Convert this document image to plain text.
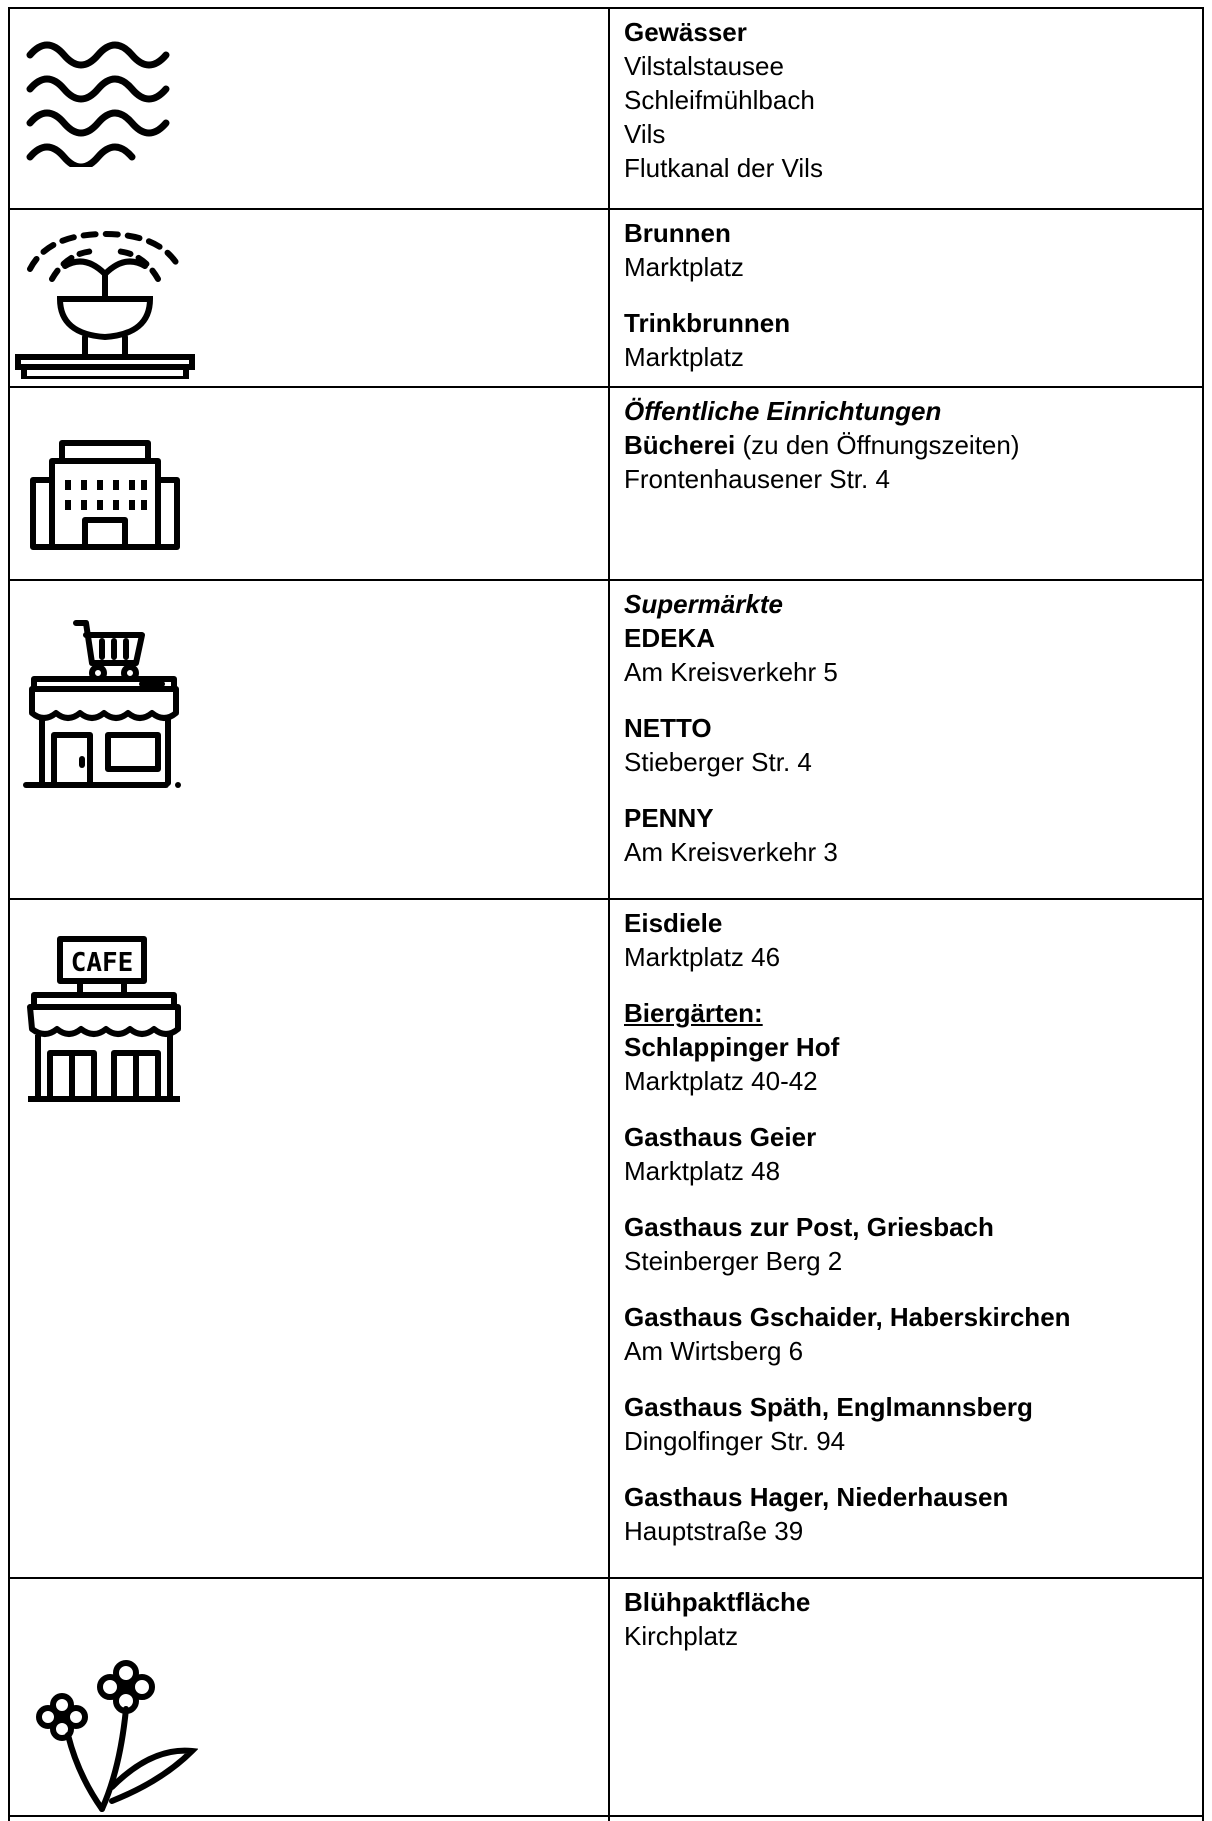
Gewässer
Vilstalstausee
Schleifmühlbach
Vils
Flutkanal der Vils
Brunnen
Marktplatz
Trinkbrunnen
Marktplatz
Öffentliche Einrichtungen
Bücherei (zu den Öffnungszeiten)
Frontenhausener Str. 4
Supermärkte
EDEKA
Am Kreisverkehr 5
NETTO
Stieberger Str. 4
PENNY
Am Kreisverkehr 3
CAFE
Eisdiele
Marktplatz 46
Biergärten:
Schlappinger Hof
Marktplatz 40-42
Gasthaus Geier
Marktplatz 48
Gasthaus zur Post, Griesbach
Steinberger Berg 2
Gasthaus Gschaider, Haberskirchen
Am Wirtsberg 6
Gasthaus Späth, Englmannsberg
Dingolfinger Str. 94
Gasthaus Hager, Niederhausen
Hauptstraße 39
Blühpaktfläche
Kirchplatz
